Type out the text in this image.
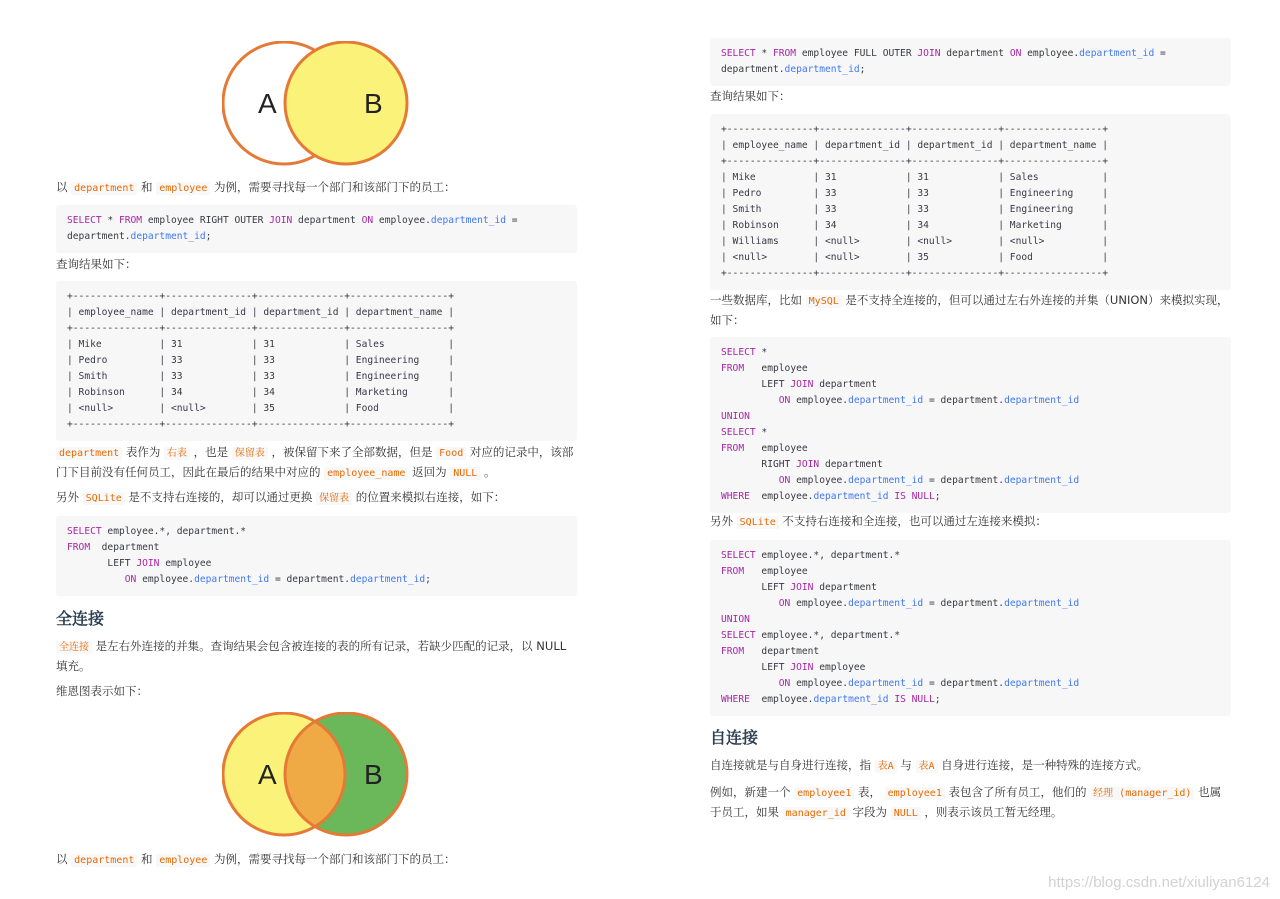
A	B

以 department 和 employee 为例，需要寻找每一个部门和该部门下的员工：

SELECT * FROM employee RIGHT OUTER JOIN department ON employee.department_id =
department.department_id;

查询结果如下：

+---------------+---------------+---------------+-----------------+
| employee_name | department_id | department_id | department_name |
+---------------+---------------+---------------+-----------------+
| Mike          | 31            | 31            | Sales           |
| Pedro         | 33            | 33            | Engineering     |
| Smith         | 33            | 33            | Engineering     |
| Robinson      | 34            | 34            | Marketing       |
| <null>        | <null>        | 35            | Food            |
+---------------+---------------+---------------+-----------------+

department 表作为 右表 ，也是 保留表 ，被保留下来了全部数据，但是 Food 对应的记录中，该部
门下目前没有任何员工，因此在最后的结果中对应的 employee_name 返回为 NULL 。

另外 SQLite 是不支持右连接的，却可以通过更换 保留表 的位置来模拟右连接，如下：

SELECT employee.*, department.*
FROM  department
LEFT JOIN employee
ON employee.department_id = department.department_id;
全连接

全连接 是左右外连接的并集。查询结果会包含被连接的表的所有记录，若缺少匹配的记录，以 NULL
填充。

维恩图表示如下：

A	B

以 department 和 employee 为例，需要寻找每一个部门和该部门下的员工：

SELECT * FROM employee FULL OUTER JOIN department ON employee.department_id =
department.department_id;

查询结果如下：

+---------------+---------------+---------------+-----------------+
| employee_name | department_id | department_id | department_name |
+---------------+---------------+---------------+-----------------+
| Mike          | 31            | 31            | Sales           |
| Pedro         | 33            | 33            | Engineering     |
| Smith         | 33            | 33            | Engineering     |
| Robinson      | 34            | 34            | Marketing       |
| Williams      | <null>        | <null>        | <null>          |
| <null>        | <null>        | 35            | Food            |
+---------------+---------------+---------------+-----------------+

一些数据库，比如 MySQL 是不支持全连接的，但可以通过左右外连接的并集（UNION）来模拟实现，
如下：

SELECT *
FROM   employee
LEFT JOIN department
ON employee.department_id = department.department_id
UNION
SELECT *
FROM   employee
RIGHT JOIN department
ON employee.department_id = department.department_id
WHERE  employee.department_id IS NULL;

另外 SQLite 不支持右连接和全连接，也可以通过左连接来模拟：

SELECT employee.*, department.*
FROM   employee
LEFT JOIN department
ON employee.department_id = department.department_id
UNION
SELECT employee.*, department.*
FROM   department
LEFT JOIN employee
ON employee.department_id = department.department_id
WHERE  employee.department_id IS NULL;
自连接

自连接就是与自身进行连接，指 表A 与 表A 自身进行连接，是一种特殊的连接方式。

例如，新建一个 employee1 表， employee1 表包含了所有员工，他们的 经理 (manager_id) 也属
于员工，如果 manager_id 字段为 NULL ，则表示该员工暂无经理。

https://blog.csdn.net/xiuliyan6124
